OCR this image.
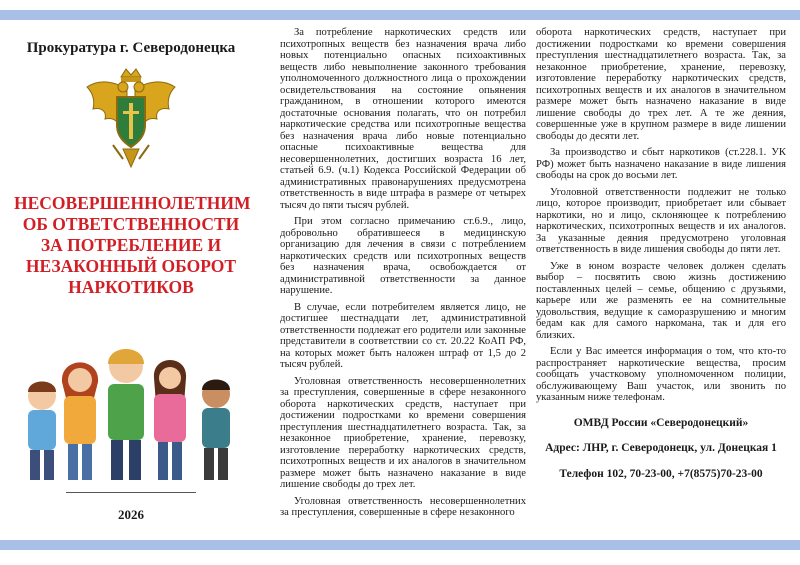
Прокуратура г. Северодонецка
НЕСОВЕРШЕННОЛЕТНИМ ОБ ОТВЕТСТВЕННОСТИ ЗА ПОТРЕБЛЕНИЕ И НЕЗАКОННЫЙ ОБОРОТ НАРКОТИКОВ
2026

За потребление наркотических средств или психотропных веществ без назначения врача либо новых потенциально опасных психоактивных веществ либо невыполнение законного требования уполномоченного должностного лица о прохождении освидетельствования на состояние опьянения гражданином, в отношении которого имеются достаточные основания полагать, что он потребил наркотические средства или психотропные вещества без назначения врача либо новые потенциально опасные психоактивные вещества для несовершеннолетних, достигших возраста 16 лет, статьей 6.9. (ч.1) Кодекса Российской Федерации об административных правонарушениях предусмотрена ответственность в виде штрафа в размере от четырех тысяч до пяти тысяч рублей.

При этом согласно примечанию ст.6.9., лицо, добровольно обратившееся в медицинскую организацию для лечения в связи с потреблением наркотических средств или психотропных веществ без назначения врача, освобождается от административной ответственности за данное нарушение.

В случае, если потребителем является лицо, не достигшее шестнадцати лет, административной ответственности подлежат его родители или законные представители в соответствии со ст. 20.22 КоАП РФ, на которых может быть наложен штраф от 1,5 до 2 тысяч рублей.

Уголовная ответственность несовершеннолетних за преступления, совершенные в сфере незаконного оборота наркотических средств, наступает при достижении подростками ко времени совершения преступления шестнадцатилетнего возраста. Так, за незаконное приобретение, хранение, перевозку, изготовление переработку наркотических средств, психотропных веществ и их аналогов в значительном размере может быть назначено наказание в виде лишение свободы до трех лет.

Уголовная ответственность несовершеннолетних за преступления, совершенные в сфере незаконного

оборота наркотических средств, наступает при достижении подростками ко времени совершения преступления шестнадцатилетнего возраста. Так, за незаконное приобретение, хранение, перевозку, изготовление переработку наркотических средств, психотропных веществ и их аналогов в значительном размере может быть назначено наказание в виде лишение свободы до трех лет. А те же деяния, совершенные уже в крупном размере в виде лишении свободы до десяти лет.

За производство и сбыт наркотиков (ст.228.1. УК РФ) может быть назначено наказание в виде лишения свободы на срок до восьми лет.

Уголовной ответственности подлежит не только лицо, которое производит, приобретает или сбывает наркотики, но и лицо, склоняющее к потреблению наркотических, психотропных веществ и их аналогов. За указанные деяния предусмотрено уголовная ответственность в виде лишения свободы до пяти лет.

Уже в юном возрасте человек должен сделать выбор – посвятить свою жизнь достижению поставленных целей – семье, общению с друзьями, карьере или же разменять ее на сомнительные удовольствия, ведущие к саморазрушению и многим бедам как для самого наркомана, так и для его близких.

Если у Вас имеется информация о том, что кто-то распространяет наркотические вещества, просим сообщать участковому уполномоченном полиции, обслуживающему Ваш участок, или звонить по указанным ниже телефонам.

ОМВД России «Северодонецкий»
Адрес: ЛНР, г. Северодонецк, ул. Донецкая 1
Телефон 102, 70-23-00, +7(8575)70-23-00
